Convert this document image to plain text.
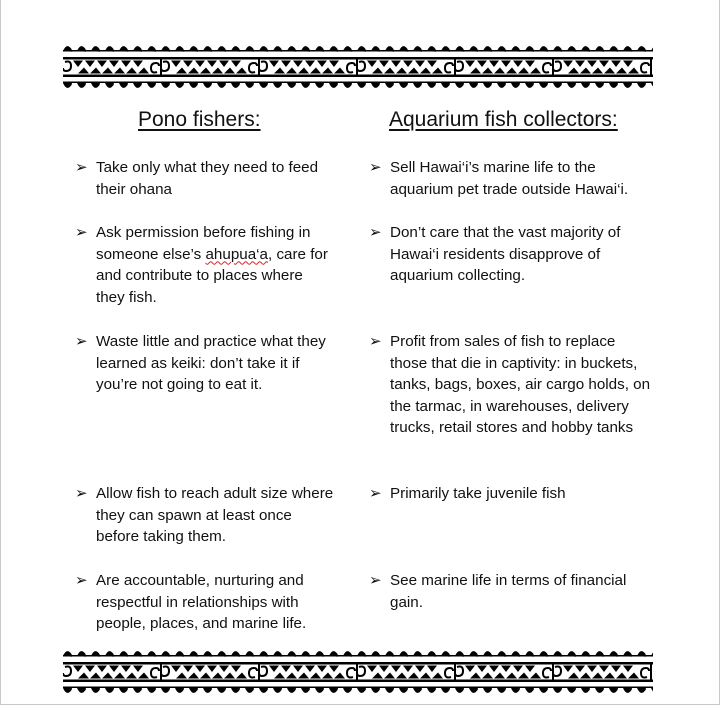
Pono fishers:	Aquarium fish collectors:
➢ Take only what they need to feed their ohana
➢ Ask permission before fishing in someone else’s ahupua‘a, care for and contribute to places where they fish.
➢ Waste little and practice what they learned as keiki: don’t take it if you’re not going to eat it.
➢ Allow fish to reach adult size where they can spawn at least once before taking them.
➢ Are accountable, nurturing and respectful in relationships with people, places, and marine life.
➢ Sell Hawai‘i’s marine life to the aquarium pet trade outside Hawai‘i.
➢ Don’t care that the vast majority of Hawai‘i residents disapprove of aquarium collecting.
➢ Profit from sales of fish to replace those that die in captivity: in buckets, tanks, bags, boxes, air cargo holds, on the tarmac, in warehouses, delivery trucks, retail stores and hobby tanks
➢ Primarily take juvenile fish
➢ See marine life in terms of financial gain.
